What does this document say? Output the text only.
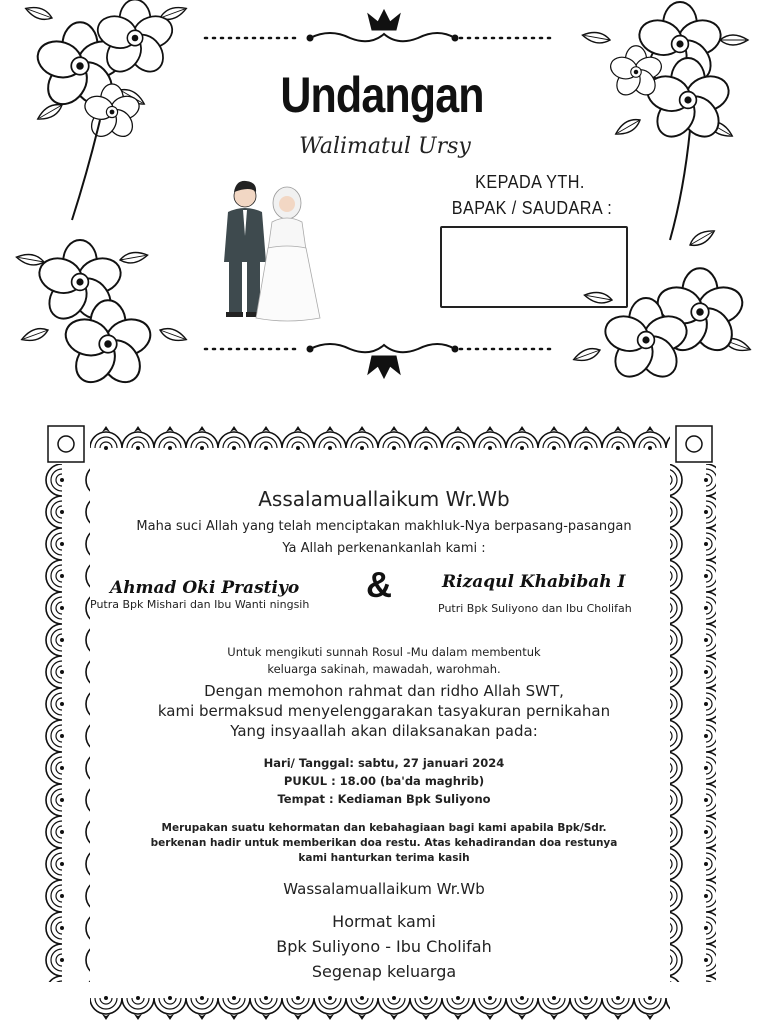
Undangan
Walimatul Ursy
KEPADA YTH.
BAPAK / SAUDARA :
Assalamuallaikum Wr.Wb
Maha suci Allah yang telah menciptakan makhluk-Nya berpasang-pasangan
Ya Allah perkenankanlah kami :
Ahmad Oki Prastiyo
Putra Bpk Mishari dan Ibu Wanti ningsih &	Rizaqul Khabibah I
Putri Bpk Suliyono dan Ibu Cholifah
Untuk mengikuti sunnah Rosul -Mu dalam membentuk
keluarga sakinah, mawadah, warohmah.
Dengan memohon rahmat dan ridho Allah SWT,
kami bermaksud menyelenggarakan tasyakuran pernikahan
Yang insyaallah akan dilaksanakan pada:
Hari/ Tanggal: sabtu, 27 januari 2024
PUKUL : 18.00 (ba'da maghrib)
Tempat : Kediaman Bpk Suliyono
Merupakan suatu kehormatan dan kebahagiaan bagi kami apabila Bpk/Sdr.
berkenan hadir untuk memberikan doa restu. Atas kehadirandan doa restunya
kami hanturkan terima kasih
Wassalamuallaikum Wr.Wb
Hormat kami
Bpk Suliyono - Ibu Cholifah
Segenap keluarga
